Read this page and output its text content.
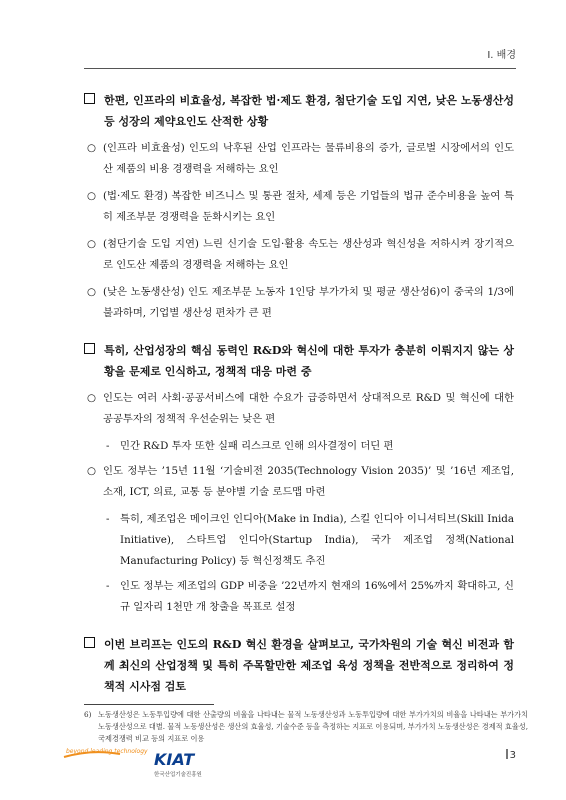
Ⅰ. 배경
한편, 인프라의 비효율성, 복잡한 법·제도 환경, 첨단기술 도입 지연, 낮은 노동생산성 등 성장의 제약요인도 산적한 상황
○ (인프라 비효율성) 인도의 낙후된 산업 인프라는 물류비용의 증가, 글로벌 시장에서의 인도산 제품의 비용 경쟁력을 저해하는 요인
○ (법·제도 환경) 복잡한 비즈니스 및 통관 절차, 세제 등은 기업들의 법규 준수비용을 높여 특히 제조부문 경쟁력을 둔화시키는 요인
○ (첨단기술 도입 지연) 느린 신기술 도입·활용 속도는 생산성과 혁신성을 저하시켜 장기적으로 인도산 제품의 경쟁력을 저해하는 요인
○ (낮은 노동생산성) 인도 제조부문 노동자 1인당 부가가치 및 평균 생산성6)이 중국의 1/3에 불과하며, 기업별 생산성 편차가 큰 편
특히, 산업성장의 핵심 동력인 R&D와 혁신에 대한 투자가 충분히 이뤄지지 않는 상황을 문제로 인식하고, 정책적 대응 마련 중
○ 인도는 여러 사회·공공서비스에 대한 수요가 급증하면서 상대적으로 R&D 및 혁신에 대한 공공투자의 정책적 우선순위는 낮은 편
- 민간 R&D 투자 또한 실패 리스크로 인해 의사결정이 더딘 편
○ 인도 정부는 ’15년 11월 ‘기술비전 2035(Technology Vision 2035)’ 및 ’16년 제조업, 소재, ICT, 의료, 교통 등 분야별 기술 로드맵 마련
- 특히, 제조업은 메이크인 인디아(Make in India), 스킬 인디아 이니셔티브(Skill Inida Initiative), 스타트업 인디아(Startup India), 국가 제조업 정책(National Manufacturing Policy) 등 혁신정책도 추진
- 인도 정부는 제조업의 GDP 비중을 ’22년까지 현재의 16%에서 25%까지 확대하고, 신규 일자리 1천만 개 창출을 목표로 설정
이번 브리프는 인도의 R&D 혁신 환경을 살펴보고, 국가차원의 기술 혁신 비전과 함께 최신의 산업정책 및 특히 주목할만한 제조업 육성 정책을 전반적으로 정리하여 정책적 시사점 검토
6) 노동생산성은 노동투입량에 대한 산출량의 비율을 나타내는 물적 노동생산성과 노동투입량에 대한 부가가치의 비율을 나타내는 부가가치 노동생산성으로 대별. 물적 노동생산성은 생산의 효율성, 기술수준 등을 측정하는 지표로 이용되며, 부가가치 노동생산성은 경제적 효율성, 국제경쟁력 비교 등의 지표로 이용
beyond leading technology KIAT
한국산업기술진흥원
3
